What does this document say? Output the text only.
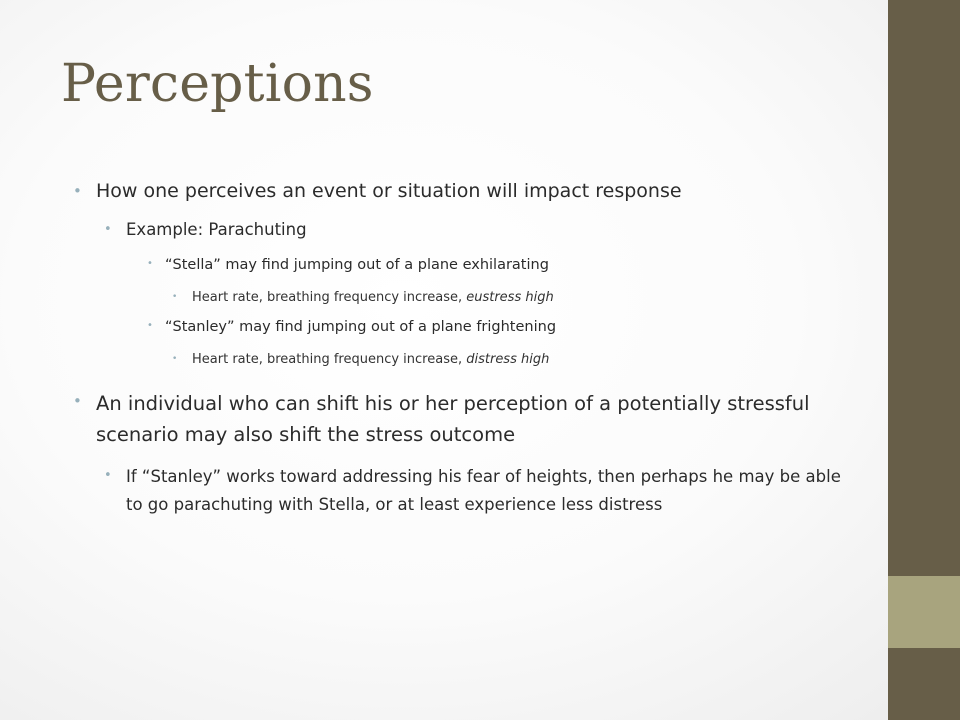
Perceptions
• How one perceives an event or situation will impact response
• Example: Parachuting
• “Stella” may find jumping out of a plane exhilarating
• Heart rate, breathing frequency increase, eustress high
• “Stanley” may find jumping out of a plane frightening
• Heart rate, breathing frequency increase, distress high
• An individual who can shift his or her perception of a potentially stressful scenario may also shift the stress outcome
• If “Stanley” works toward addressing his fear of heights, then perhaps he may be able to go parachuting with Stella, or at least experience less distress
